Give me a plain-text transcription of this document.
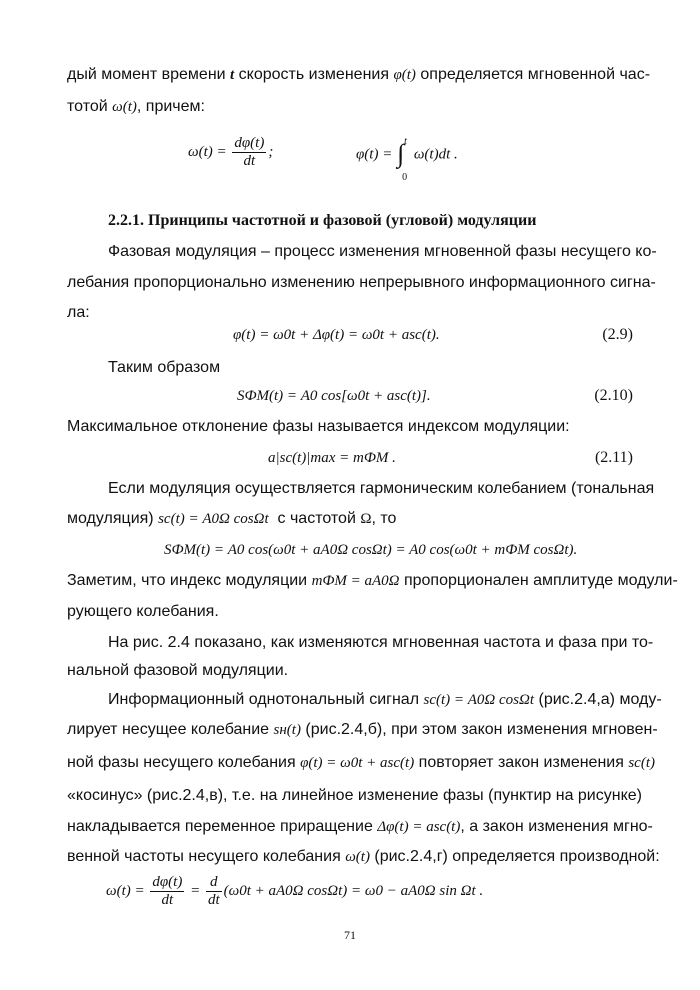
дый момент времени t скорость изменения φ(t) определяется мгновенной час-
тотой ω(t), причем:
$\omega(t) = \frac{d\varphi(t)}{dt}$ ;	φ(t) = ∫ t
0
ω(t)dt .
2.2.1. Принципы частотной и фазовой (угловой) модуляции
Фазовая модуляция – процесс изменения мгновенной фазы несущего ко-
лебания пропорционально изменению непрерывного информационного сигна-
ла:
φ(t) = ω0t + Δφ(t) = ω0t + asс(t).	(2.9)
Таким образом
SФМ(t) = A0 cos[ω0t + asс(t)].	(2.10)
Максимальное отклонение фазы называется индексом модуляции:
a|sс(t)|max = mФМ .	(2.11)
Если модуляция осуществляется гармоническим колебанием (тональная
модуляция) sс(t) = A0Ω cosΩt с частотой Ω, то
SФМ(t) = A0 cos(ω0t + aA0Ω cosΩt) = A0 cos(ω0t + mФМ cosΩt).
Заметим, что индекс модуляции mФМ = aA0Ω пропорционален амплитуде модули-
рующего колебания.
На рис. 2.4 показано, как изменяются мгновенная частота и фаза при то-
нальной фазовой модуляции.
Информационный однотональный сигнал sс(t) = A0Ω cosΩt (рис.2.4,а) моду-
лирует несущее колебание sн(t) (рис.2.4,б), при этом закон изменения мгновен-
ной фазы несущего колебания φ(t) = ω0t + asс(t) повторяет закон изменения sс(t)
«косинус» (рис.2.4,в), т.е. на линейное изменение фазы (пунктир на рисунке)
накладывается переменное приращение Δφ(t) = asс(t), а закон изменения мгно-
венной частоты несущего колебания ω(t) (рис.2.4,г) определяется производной:
$\omega(t) = \frac{d\varphi(t)}{dt} = \frac{d}{dt} (\omega 0t + aA0\Omega$ cosΩt) = ω0 − aA0Ω sin Ωt .
71
